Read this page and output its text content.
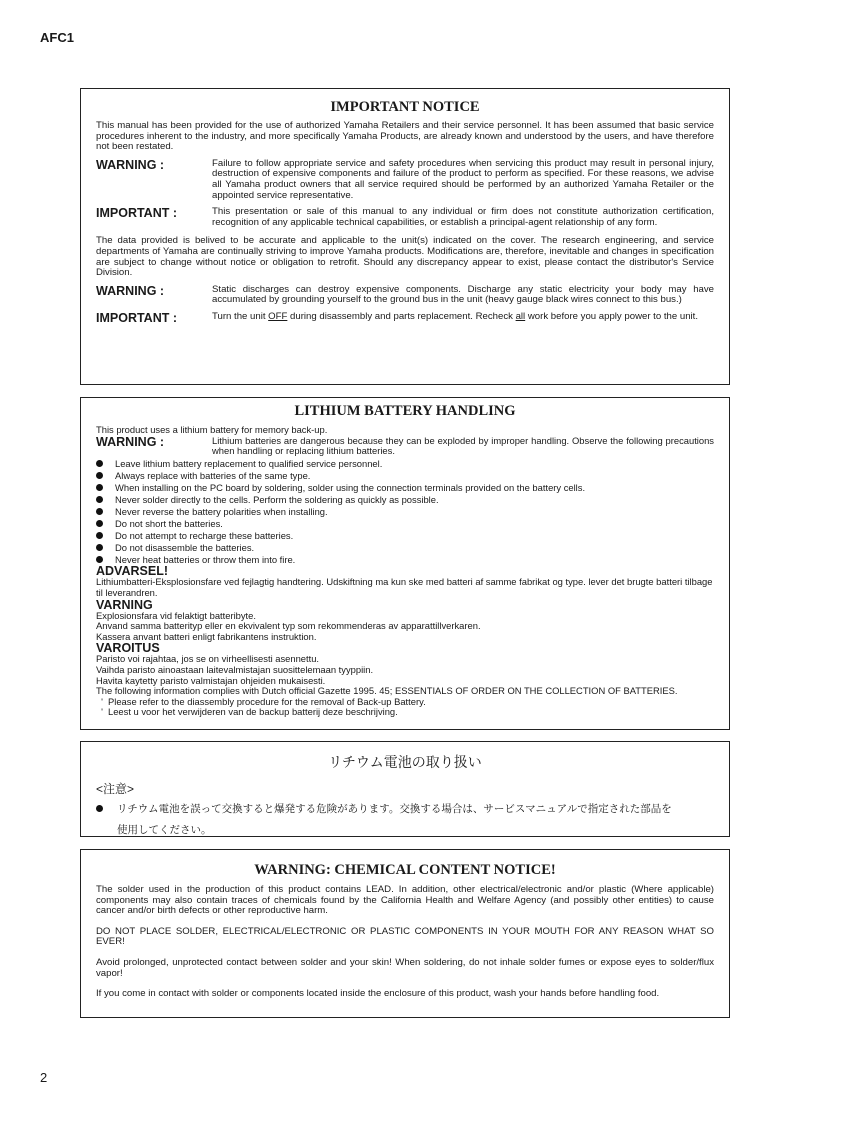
AFC1
IMPORTANT NOTICE
This manual has been provided for the use of authorized Yamaha Retailers and their service personnel. It has been assumed that basic service procedures inherent to the industry, and more specifically Yamaha Products, are already known and understood by the users, and have therefore not been restated.
WARNING :	Failure to follow appropriate service and safety procedures when servicing this product may result in personal injury, destruction of expensive components and failure of the product to perform as specified. For these reasons, we advise all Yamaha product owners that all service required should be performed by an authorized Yamaha Retailer or the appointed service representative.
IMPORTANT :	This presentation or sale of this manual to any individual or firm does not constitute authorization certification, recognition of any applicable technical capabilities, or establish a principal-agent relationship of any form.
The data provided is belived to be accurate and applicable to the unit(s) indicated on the cover. The research engineering, and service departments of Yamaha are continually striving to improve Yamaha products. Modifications are, therefore, inevitable and changes in specification are subject to change without notice or obligation to retrofit. Should any discrepancy appear to exist, please contact the distributor's Service Division.
WARNING :	Static discharges can destroy expensive components. Discharge any static electricity your body may have accumulated by grounding yourself to the ground bus in the unit (heavy gauge black wires connect to this bus.)
IMPORTANT :	Turn the unit OFF during disassembly and parts replacement. Recheck all work before you apply power to the unit.
LITHIUM BATTERY HANDLING
This product uses a lithium battery for memory back-up.
WARNING :	Lithium batteries are dangerous because they can be exploded by improper handling. Observe the following precautions when handling or replacing lithium batteries.
Leave lithium battery replacement to qualified service personnel.
Always replace with batteries of the same type.
When installing on the PC board by soldering, solder using the connection terminals provided on the battery cells.
Never solder directly to the cells. Perform the soldering as quickly as possible.
Never reverse the battery polarities when installing.
Do not short the batteries.
Do not attempt to recharge these batteries.
Do not disassemble the batteries.
Never heat batteries or throw them into fire.
ADVARSEL!
Lithiumbatteri-Eksplosionsfare ved fejlagtig handtering. Udskiftning ma kun ske med batteri af samme fabrikat og type. lever det brugte batteri tilbage til leverandren.
VARNING
Explosionsfara vid felaktigt batteribyte.
Anvand samma batterityp eller en ekvivalent typ som rekommenderas av apparattillverkaren.
Kassera anvant batteri enligt fabrikantens instruktion.
VAROITUS
Paristo voi rajahtaa, jos se on virheellisesti asennettu.
Vaihda paristo ainoastaan laitevalmistajan suosittelemaan tyyppiin.
Havita kaytetty paristo valmistajan ohjeiden mukaisesti.
The following information complies with Dutch official Gazette 1995. 45; ESSENTIALS OF ORDER ON THE COLLECTION OF BATTERIES.
' Please refer to the diassembly procedure for the removal of Back-up Battery.
' Leest u voor het verwijderen van de backup batterij deze beschrijving.
リチウム電池の取り扱い
<注意>
リチウム電池を誤って交換すると爆発する危険があります。交換する場合は、サービスマニュアルで指定された部品を
使用してください。
WARNING: CHEMICAL CONTENT NOTICE!
The solder used in the production of this product contains LEAD. In addition, other electrical/electronic and/or plastic (Where applicable) components may also contain traces of chemicals found by the California Health and Welfare Agency (and possibly other entities) to cause cancer and/or birth defects or other reproductive harm.
DO NOT PLACE SOLDER, ELECTRICAL/ELECTRONIC OR PLASTIC COMPONENTS IN YOUR MOUTH FOR ANY REASON WHAT SO EVER!
Avoid prolonged, unprotected contact between solder and your skin! When soldering, do not inhale solder fumes or expose eyes to solder/flux vapor!
If you come in contact with solder or components located inside the enclosure of this product, wash your hands before handling food.
2
